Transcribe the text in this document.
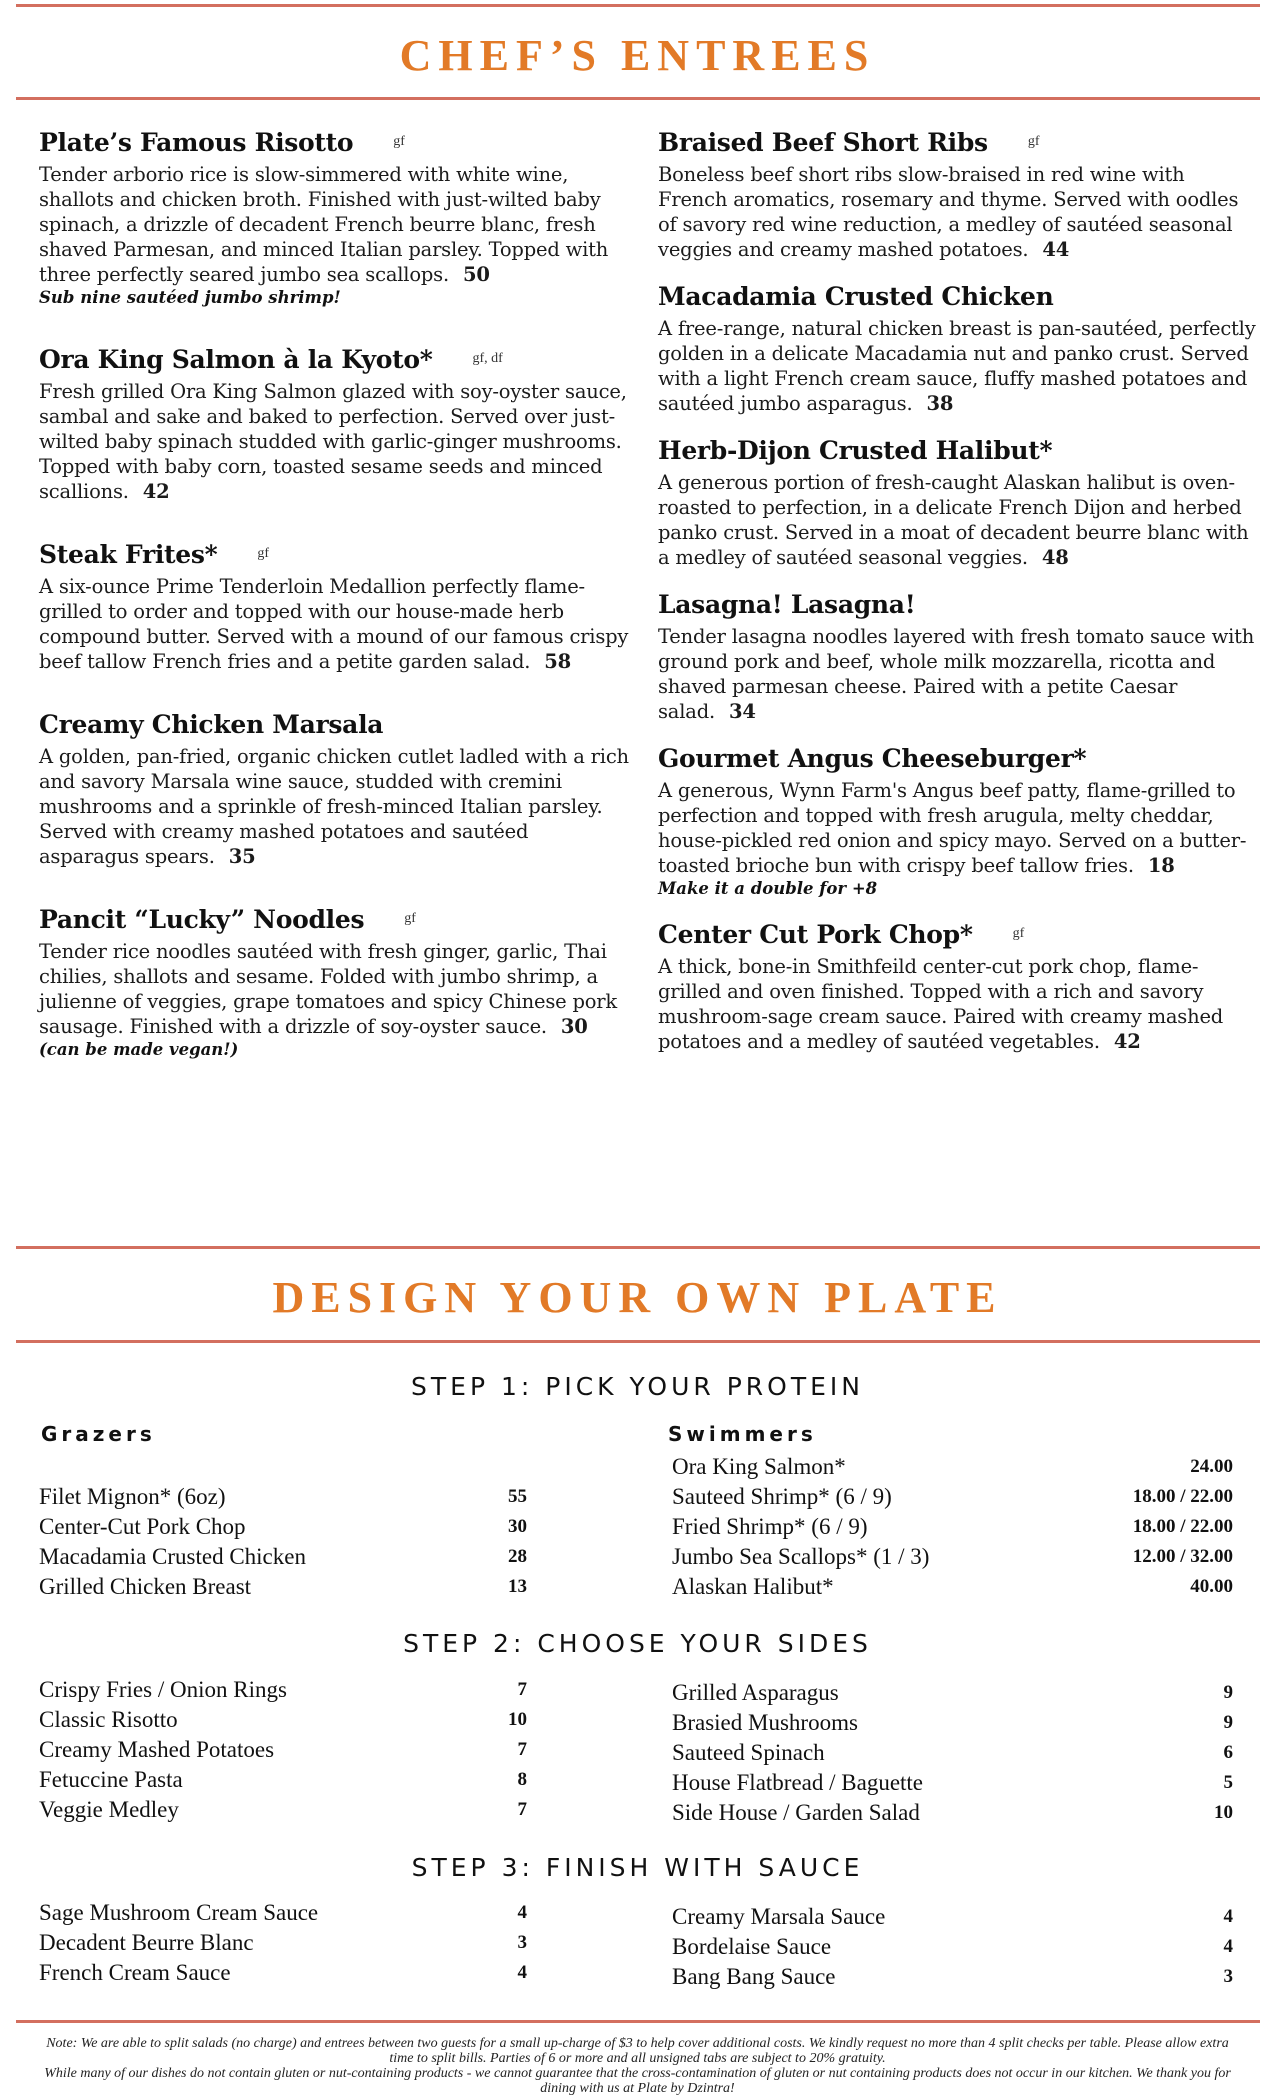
CHEF’S ENTREES
Plate’s Famous Risotto	gf
Tender arborio rice is slow-simmered with white wine, shallots and chicken broth. Finished with just-wilted baby spinach, a drizzle of decadent French beurre blanc, fresh shaved Parmesan, and minced Italian parsley. Topped with three perfectly seared jumbo sea scallops. 50
Sub nine sautéed jumbo shrimp!
Ora King Salmon à la Kyoto*	gf, df
Fresh grilled Ora King Salmon glazed with soy-oyster sauce, sambal and sake and baked to perfection. Served over just-wilted baby spinach studded with garlic-ginger mushrooms. Topped with baby corn, toasted sesame seeds and minced scallions. 42
Steak Frites*	gf
A six-ounce Prime Tenderloin Medallion perfectly flame-grilled to order and topped with our house-made herb compound butter. Served with a mound of our famous crispy beef tallow French fries and a petite garden salad. 58
Creamy Chicken Marsala
A golden, pan-fried, organic chicken cutlet ladled with a rich and savory Marsala wine sauce, studded with cremini mushrooms and a sprinkle of fresh-minced Italian parsley. Served with creamy mashed potatoes and sautéed asparagus spears. 35
Pancit “Lucky” Noodles	gf
Tender rice noodles sautéed with fresh ginger, garlic, Thai chilies, shallots and sesame. Folded with jumbo shrimp, a julienne of veggies, grape tomatoes and spicy Chinese pork sausage. Finished with a drizzle of soy-oyster sauce. 30
(can be made vegan!)
Braised Beef Short Ribs	gf
Boneless beef short ribs slow-braised in red wine with French aromatics, rosemary and thyme. Served with oodles of savory red wine reduction, a medley of sautéed seasonal veggies and creamy mashed potatoes. 44
Macadamia Crusted Chicken
A free-range, natural chicken breast is pan-sautéed, perfectly golden in a delicate Macadamia nut and panko crust. Served with a light French cream sauce, fluffy mashed potatoes and sautéed jumbo asparagus. 38
Herb-Dijon Crusted Halibut*
A generous portion of fresh-caught Alaskan halibut is oven-roasted to perfection, in a delicate French Dijon and herbed panko crust. Served in a moat of decadent beurre blanc with a medley of sautéed seasonal veggies. 48
Lasagna! Lasagna!
Tender lasagna noodles layered with fresh tomato sauce with ground pork and beef, whole milk mozzarella, ricotta and shaved parmesan cheese. Paired with a petite Caesar salad. 34
Gourmet Angus Cheeseburger*
A generous, Wynn Farm's Angus beef patty, flame-grilled to perfection and topped with fresh arugula, melty cheddar, house-pickled red onion and spicy mayo. Served on a butter-toasted brioche bun with crispy beef tallow fries. 18
Make it a double for +8
Center Cut Pork Chop*	gf
A thick, bone-in Smithfeild center-cut pork chop, flame-grilled and oven finished. Topped with a rich and savory mushroom-sage cream sauce. Paired with creamy mashed potatoes and a medley of sautéed vegetables. 42
DESIGN YOUR OWN PLATE
STEP 1: PICK YOUR PROTEIN
Grazers	Swimmers
Filet Mignon* (6oz)	55
Center-Cut Pork Chop	30
Macadamia Crusted Chicken	28
Grilled Chicken Breast	13
Ora King Salmon*	24.00
Sauteed Shrimp* (6 / 9)	18.00 / 22.00
Fried Shrimp* (6 / 9)	18.00 / 22.00
Jumbo Sea Scallops* (1 / 3)	12.00 / 32.00
Alaskan Halibut*	40.00
STEP 2: CHOOSE YOUR SIDES
Crispy Fries / Onion Rings	7
Classic Risotto	10
Creamy Mashed Potatoes	7
Fetuccine Pasta	8
Veggie Medley	7
Grilled Asparagus	9
Brasied Mushrooms	9
Sauteed Spinach	6
House Flatbread / Baguette	5
Side House / Garden Salad	10
STEP 3: FINISH WITH SAUCE
Sage Mushroom Cream Sauce	4
Decadent Beurre Blanc	3
French Cream Sauce	4
Creamy Marsala Sauce	4
Bordelaise Sauce	4
Bang Bang Sauce	3
Note: We are able to split salads (no charge) and entrees between two guests for a small up-charge of $3 to help cover additional costs. We kindly request no more than 4 split checks per table. Please allow extra time to split bills. Parties of 6 or more and all unsigned tabs are subject to 20% gratuity.
While many of our dishes do not contain gluten or nut-containing products - we cannot guarantee that the cross-contamination of gluten or nut containing products does not occur in our kitchen. We thank you for dining with us at Plate by Dzintra!
